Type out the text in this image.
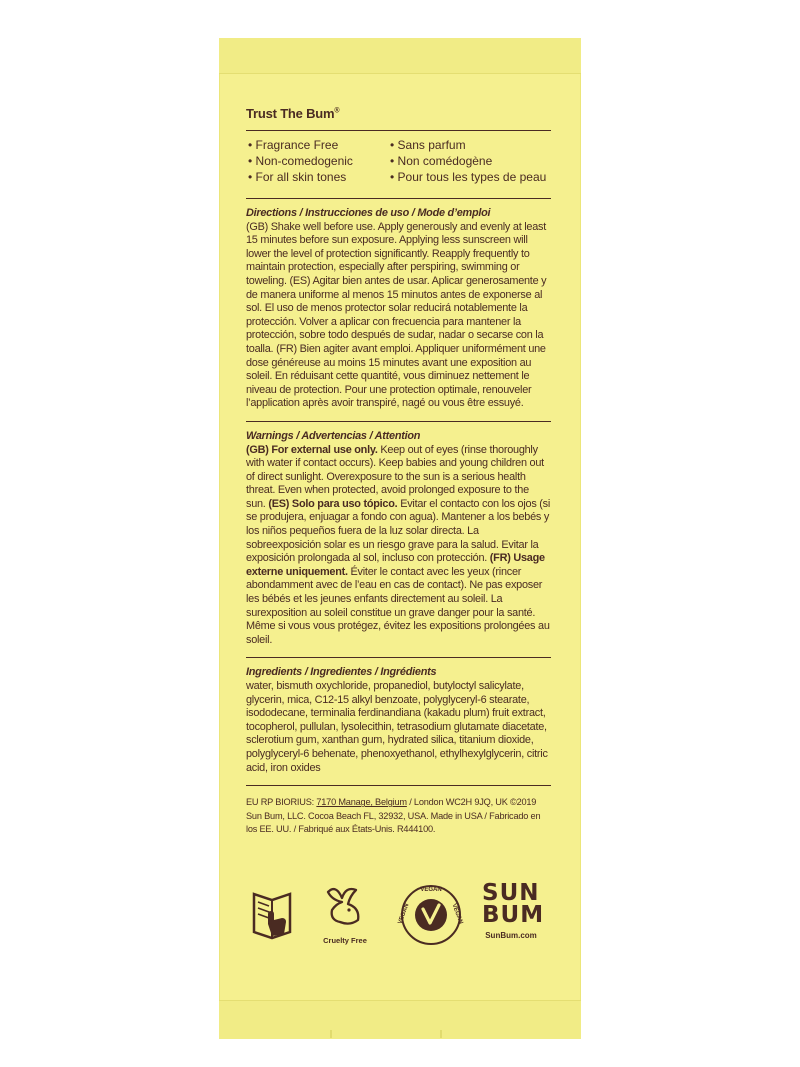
Trust The Bum®
• Fragrance Free
• Non-comedogenic
• For all skin tones
• Sans parfum
• Non comédogène
• Pour tous les types de peau
Directions / Instrucciones de uso / Mode d’emploi

(GB) Shake well before use. Apply generously and evenly at least 15 minutes before sun exposure. Applying less sunscreen will lower the level of protection significantly. Reapply frequently to maintain protection, especially after perspiring, swimming or toweling. (ES) Agitar bien antes de usar. Aplicar generosamente y de manera uniforme al menos 15 minutos antes de exponerse al sol. El uso de menos protector solar reducirá notablemente la protección. Volver a aplicar con frecuencia para mantener la protección, sobre todo después de sudar, nadar o secarse con la toalla. (FR) Bien agiter avant emploi. Appliquer uniformément une dose généreuse au moins 15 minutes avant une exposition au soleil. En réduisant cette quantité, vous diminuez nettement le niveau de protection. Pour une protection optimale, renouveler l’application après avoir transpiré, nagé ou vous être essuyé.

Warnings / Advertencias / Attention

(GB) For external use only. Keep out of eyes (rinse thoroughly with water if contact occurs). Keep babies and young children out of direct sunlight. Overexposure to the sun is a serious health threat. Even when protected, avoid prolonged exposure to the sun. (ES) Solo para uso tópico. Evitar el contacto con los ojos (si se produjera, enjuagar a fondo con agua). Mantener a los bebés y los niños pequeños fuera de la luz solar directa. La sobreexposición solar es un riesgo grave para la salud. Evitar la exposición prolongada al sol, incluso con protección. (FR) Usage externe uniquement. Éviter le contact avec les yeux (rincer abondamment avec de l’eau en cas de contact). Ne pas exposer les bébés et les jeunes enfants directement au soleil. La surexposition au soleil constitue un grave danger pour la santé. Même si vous vous protégez, évitez les expositions prolongées au soleil.

Ingredients / Ingredientes / Ingrédients

water, bismuth oxychloride, propanediol, butyloctyl salicylate, glycerin, mica, C12-15 alkyl benzoate, polyglyceryl-6 stearate, isododecane, terminalia ferdinandiana (kakadu plum) fruit extract, tocopherol, pullulan, lysolecithin, tetrasodium glutamate diacetate, sclerotium gum, xanthan gum, hydrated silica, titanium dioxide, polyglyceryl-6 behenate, phenoxyethanol, ethylhexylglycerin, citric acid, iron oxides

EU RP BIORIUS: 7170 Manage, Belgium / London WC2H 9JQ, UK ©2019 Sun Bum, LLC. Cocoa Beach FL, 32932, USA. Made in USA / Fabricado en los EE. UU. / Fabriqué aux États-Unis. R444100.
Cruelty Free
VEGAN
VEGAN
VEGAN
SUN
BUM
SunBum.com
